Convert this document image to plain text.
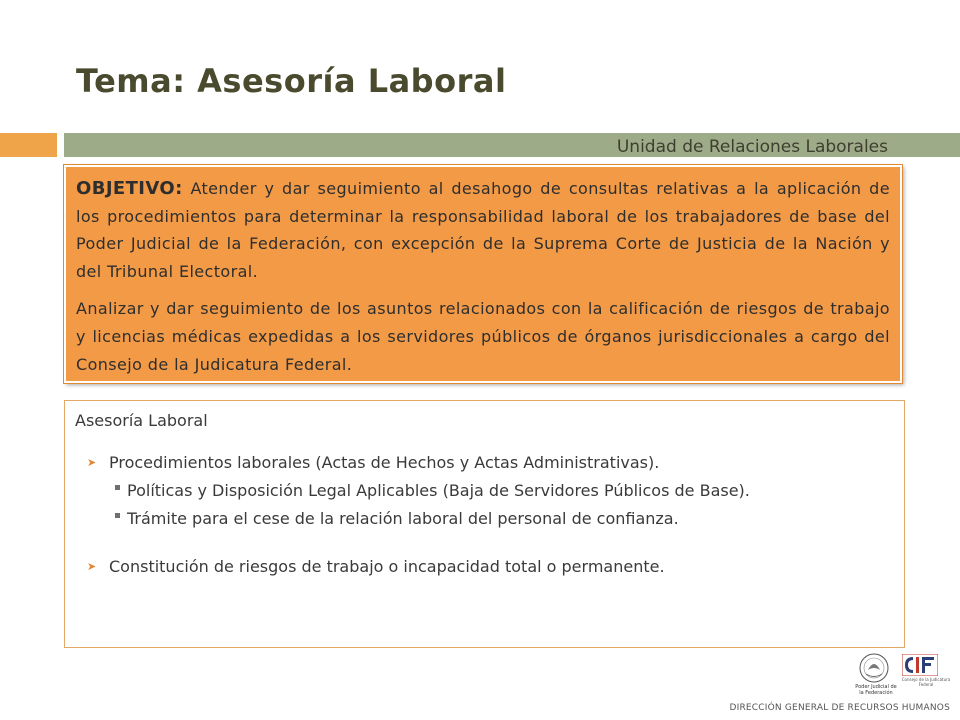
Tema: Asesoría Laboral
Unidad de Relaciones Laborales

OBJETIVO: Atender y dar seguimiento al desahogo de consultas relativas a la aplicación de los procedimientos para determinar la responsabilidad laboral de los trabajadores de base del Poder Judicial de la Federación, con excepción de la Suprema Corte de Justicia de la Nación y del Tribunal Electoral.

Analizar y dar seguimiento de los asuntos relacionados con la calificación de riesgos de trabajo y licencias médicas expedidas a los servidores públicos de órganos jurisdiccionales a cargo del Consejo de la Judicatura Federal.

Asesoría Laboral
➤ Procedimientos laborales (Actas de Hechos y Actas Administrativas).
Políticas y Disposición Legal Aplicables (Baja de Servidores Públicos de Base).
Trámite para el cese de la relación laboral del personal de confianza.
➤ Constitución de riesgos de trabajo o incapacidad total o permanente.
Poder Judicial de la Federación
Consejo de la Judicatura Federal
DIRECCIÓN GENERAL DE RECURSOS HUMANOS
